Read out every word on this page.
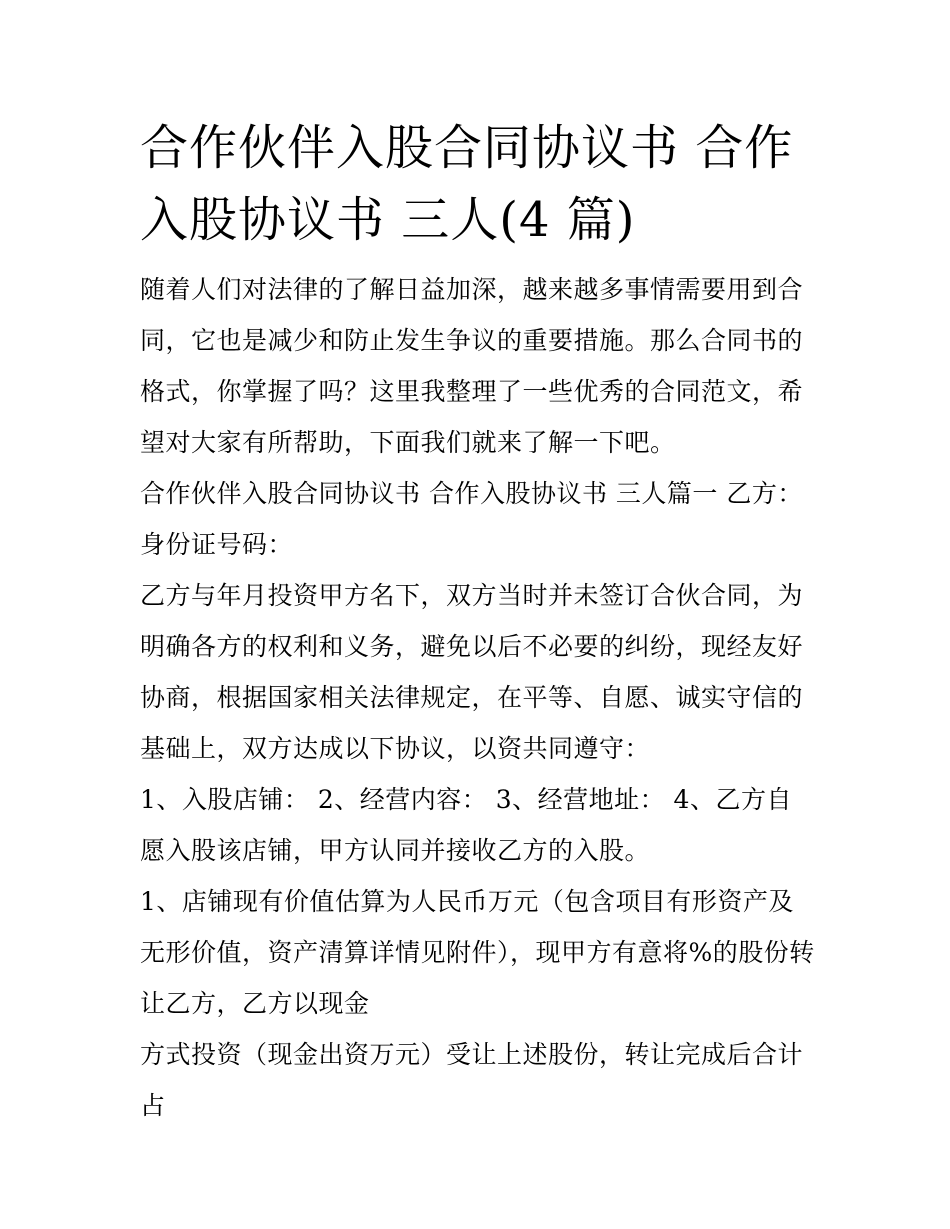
合作伙伴入股合同协议书 合作入股协议书 三人(4 篇)

随着人们对法律的了解日益加深，越来越多事情需要用到合同，它也是减少和防止发生争议的重要措施。那么合同书的格式，你掌握了吗？这里我整理了一些优秀的合同范文，希望对大家有所帮助，下面我们就来了解一下吧。

合作伙伴入股合同协议书 合作入股协议书 三人篇一 乙方：身份证号码：

乙方与年月投资甲方名下，双方当时并未签订合伙合同，为明确各方的权利和义务，避免以后不必要的纠纷，现经友好协商，根据国家相关法律规定，在平等、自愿、诚实守信的基础上，双方达成以下协议，以资共同遵守：

1、入股店铺： 2、经营内容： 3、经营地址： 4、乙方自愿入股该店铺，甲方认同并接收乙方的入股。

1、店铺现有价值估算为人民币万元（包含项目有形资产及无形价值，资产清算详情见附件），现甲方有意将%的股份转让乙方，乙方以现金

方式投资（现金出资万元）受让上述股份，转让完成后合计占
